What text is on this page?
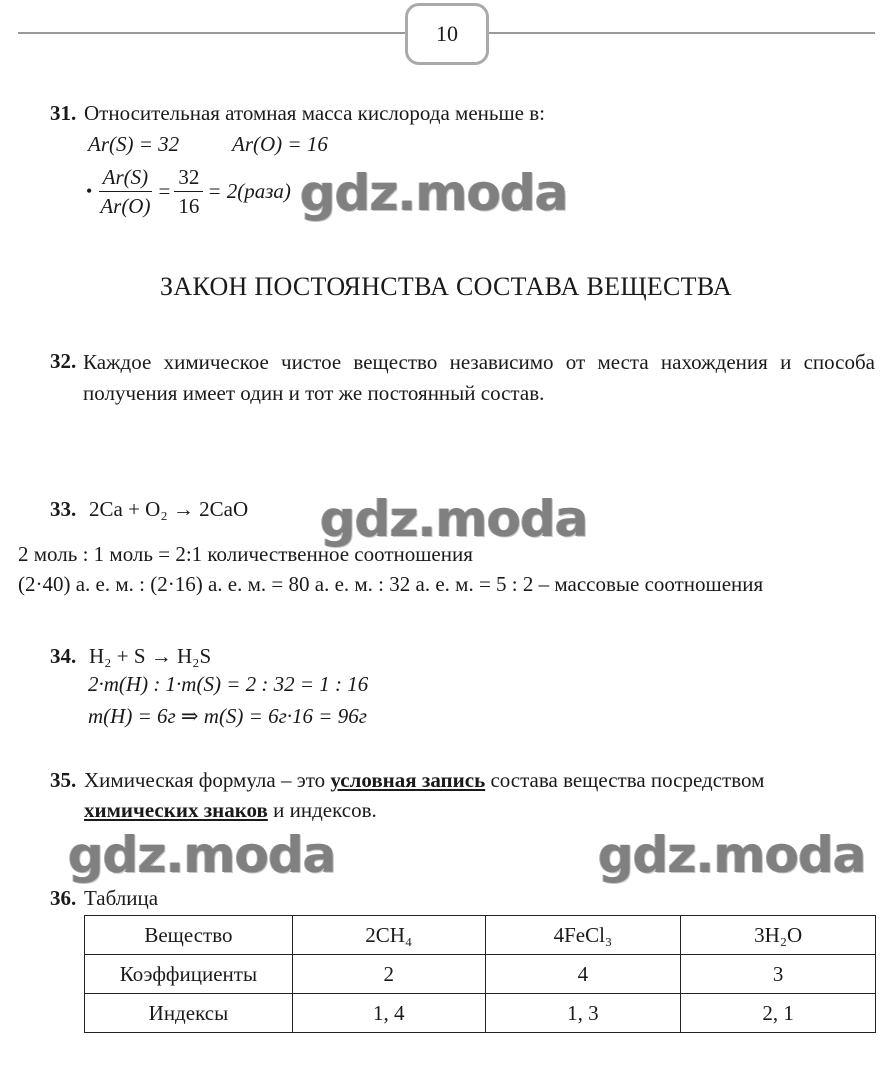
10
31. Относительная атомная масса кислорода меньше в:
Ar(S) = 32	Ar(O) = 16
• $\frac{Ar(S)}{Ar(O)} = \frac{32}{16}$ = 2(раза) gdz.moda
ЗАКОН ПОСТОЯНСТВА СОСТАВА ВЕЩЕСТВА
32. Каждое химическое чистое вещество независимо от места нахождения и способа получения имеет один и тот же постоянный состав.
33. 2Ca + O₂ → 2CaO gdz.moda
2 моль : 1 моль = 2:1 количественное соотношения
(2·40) а. е. м. : (2·16) а. е. м. = 80 а. е. м. : 32 а. е. м. = 5 : 2 – массовые соотношения
34. H₂ + S → H₂S
2·m(H) : 1·m(S) = 2 : 32 = 1 : 16
m(H) = 6г ⇒ m(S) = 6г·16 = 96г
35. Химическая формула – это условная запись состава вещества посредством
химических знаков и индексов.
gdz.moda	gdz.moda
36. Таблица
Вещество	2CH₄	4FeCl₃	3H₂O
Коэффициенты	2	4	3
Индексы	1, 4	1, 3	2, 1
